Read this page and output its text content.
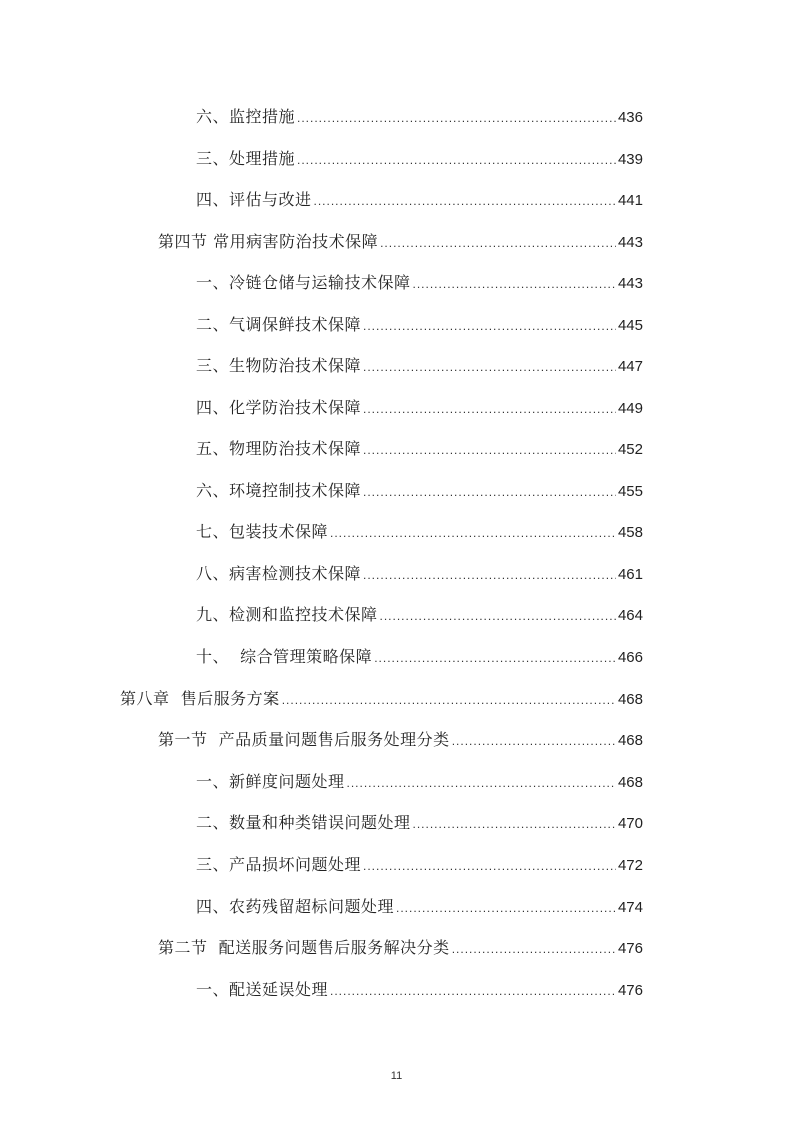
六、监控措施 .....	436
三、处理措施 .....	439
四、评估与改进 .....	441
第四节 常用病害防治技术保障 .....	443
一、冷链仓储与运输技术保障 .....	443
二、气调保鲜技术保障 .....	445
三、生物防治技术保障 .....	447
四、化学防治技术保障 .....	449
五、物理防治技术保障 .....	452
六、环境控制技术保障 .....	455
七、包装技术保障 .....	458
八、病害检测技术保障 .....	461
九、检测和监控技术保障 .....	464
十、  综合管理策略保障 .....	466
第八章  售后服务方案 .....	468
第一节  产品质量问题售后服务处理分类 .....	468
一、新鲜度问题处理 .....	468
二、数量和种类错误问题处理 .....	470
三、产品损坏问题处理 .....	472
四、农药残留超标问题处理 .....	474
第二节  配送服务问题售后服务解决分类 .....	476
一、配送延误处理 .....	476
11
